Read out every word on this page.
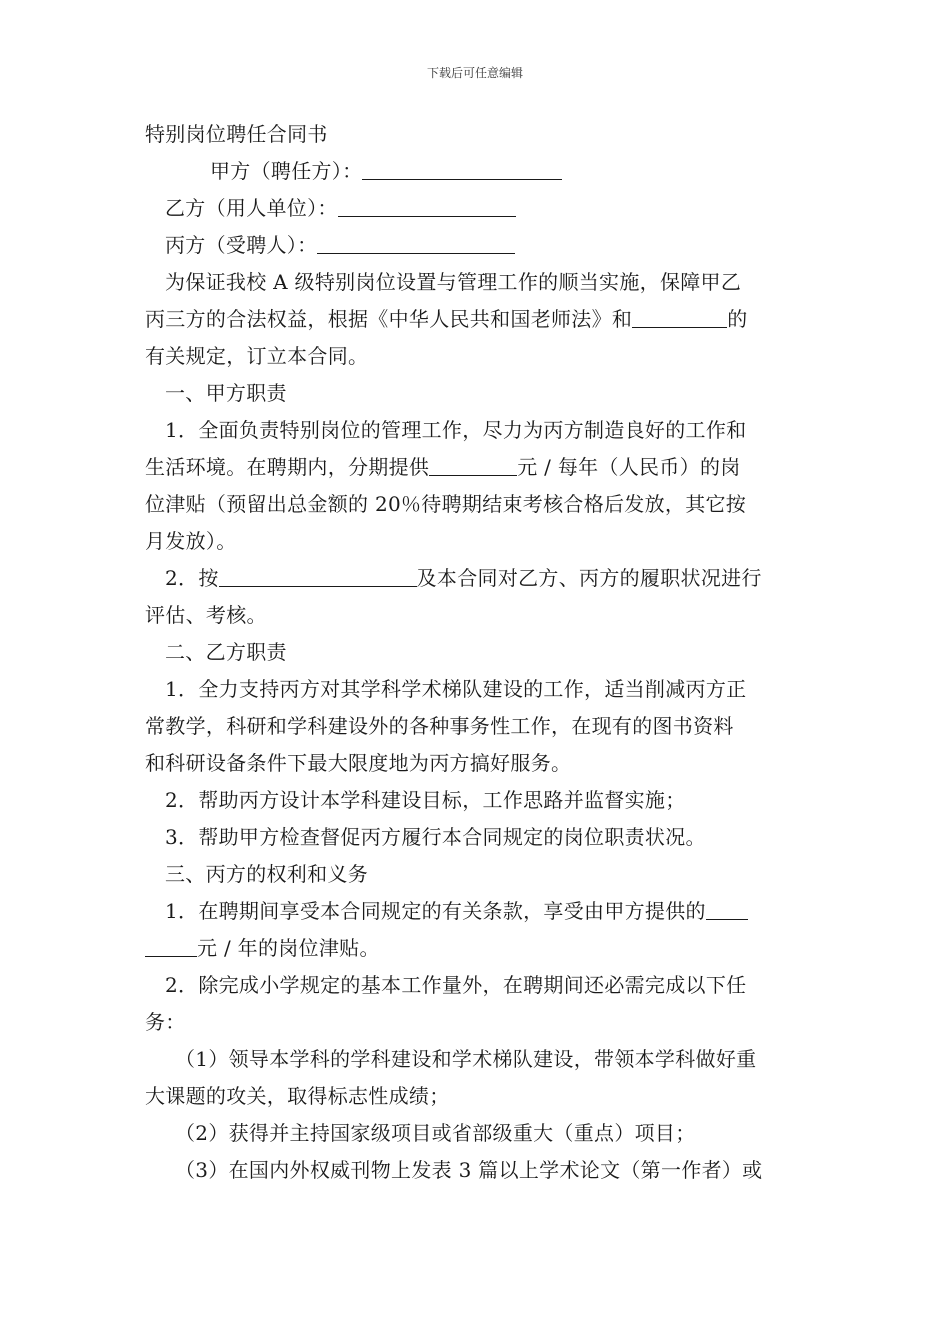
下载后可任意编辑

特别岗位聘任合同书

甲方（聘任方）：

乙方（用人单位）：

丙方（受聘人）：

为保证我校 A 级特别岗位设置与管理工作的顺当实施，保障甲乙

丙三方的合法权益，根据《中华人民共和国老师法》和	的

有关规定，订立本合同。

一、甲方职责

1．全面负责特别岗位的管理工作，尽力为丙方制造良好的工作和

生活环境。在聘期内，分期提供	元 / 每年（人民币）的岗

位津贴（预留出总金额的 20％待聘期结束考核合格后发放，其它按

月发放）。

2．按	及本合同对乙方、丙方的履职状况进行

评估、考核。

二、乙方职责

1．全力支持丙方对其学科学术梯队建设的工作，适当削减丙方正

常教学，科研和学科建设外的各种事务性工作，在现有的图书资料

和科研设备条件下最大限度地为丙方搞好服务。

2．帮助丙方设计本学科建设目标，工作思路并监督实施；

3．帮助甲方检查督促丙方履行本合同规定的岗位职责状况。

三、丙方的权利和义务

1．在聘期间享受本合同规定的有关条款，享受由甲方提供的

元 / 年的岗位津贴。

2．除完成小学规定的基本工作量外，在聘期间还必需完成以下任

务：

（1）领导本学科的学科建设和学术梯队建设，带领本学科做好重

大课题的攻关，取得标志性成绩；

（2）获得并主持国家级项目或省部级重大（重点）项目；

（3）在国内外权威刊物上发表 3 篇以上学术论文（第一作者）或
